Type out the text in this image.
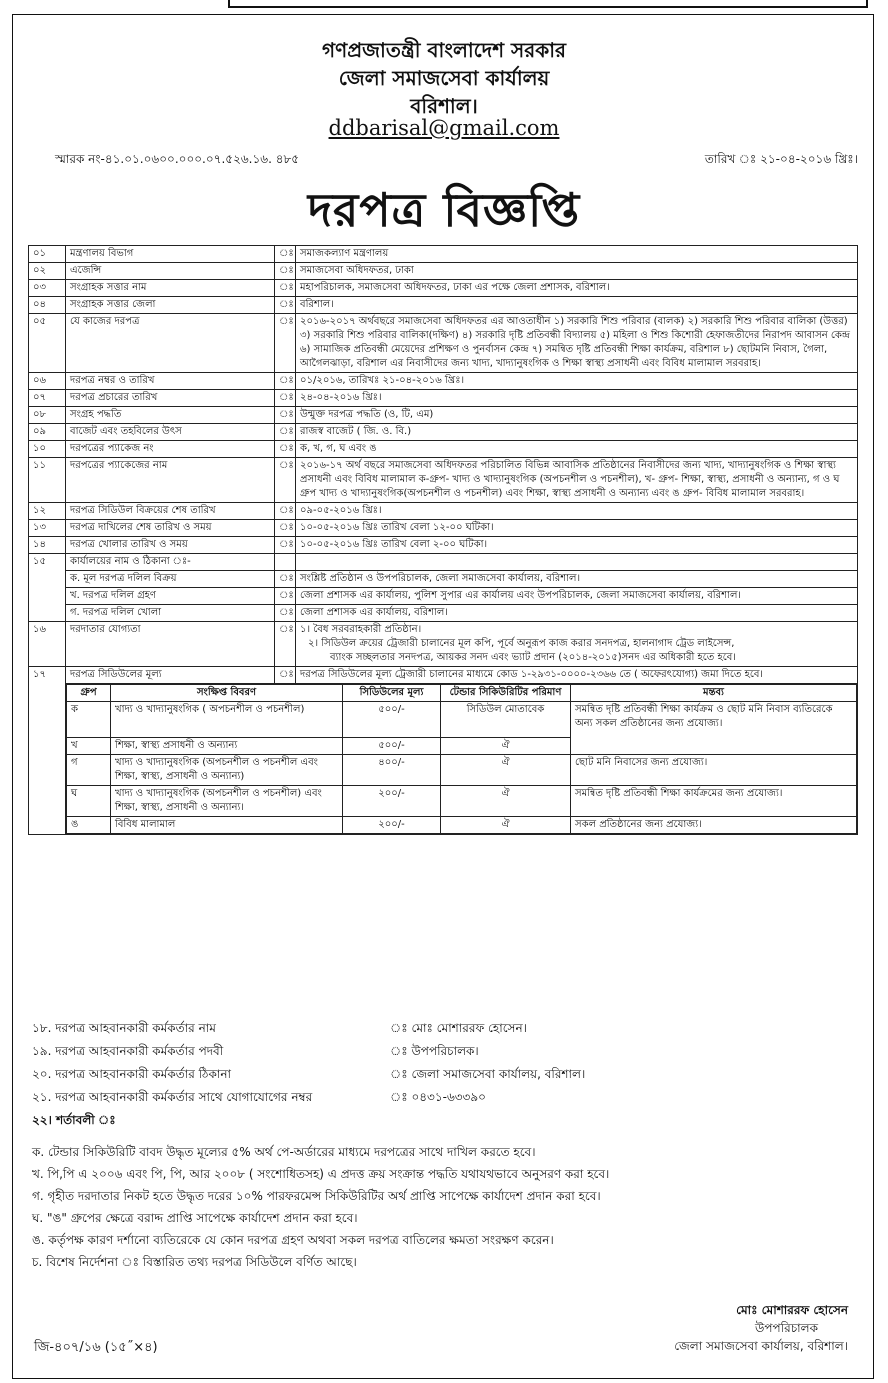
গণপ্রজাতন্ত্রী বাংলাদেশ সরকার
জেলা সমাজসেবা কার্যালয়
বরিশাল।
ddbarisal@gmail.com
স্মারক নং-৪১.০১.০৬০০.০০০.০৭.৫২৬.১৬. ৪৮৫	তারিখ ঃ ২১-০৪-২০১৬ খ্রিঃ।
দরপত্র বিজ্ঞপ্তি
০১	মন্ত্রণালয় বিভাগ	ঃ	সমাজকল্যাণ মন্ত্রণালয়
০২	এজেন্সি	ঃ	সমাজসেবা অধিদফতর, ঢাকা
০৩	সংগ্রাহক সত্তার নাম	ঃ	মহাপরিচালক, সমাজসেবা অধিদফতর, ঢাকা এর পক্ষে জেলা প্রশাসক, বরিশাল।
০৪	সংগ্রাহক সত্তার জেলা	ঃ	বরিশাল।
০৫	যে কাজের দরপত্র	ঃ	২০১৬-২০১৭ অর্থবছরে সমাজসেবা অধিদফতর এর আওতাধীন ১) সরকারি শিশু পরিবার (বালক) ২) সরকারি শিশু পরিবার বালিকা (উত্তর) ৩) সরকারি শিশু পরিবার বালিকা(দক্ষিণ) ৪) সরকারি দৃষ্টি প্রতিবন্ধী বিদ্যালয় ৫) মহিলা ও শিশু কিশোরী হেফাজতীদের নিরাপদ আবাসন কেন্দ্র ৬) সামাজিক প্রতিবন্ধী মেয়েদের প্রশিক্ষণ ও পুনর্বাসন কেন্দ্র ৭) সমন্বিত দৃষ্টি প্রতিবন্ধী শিক্ষা কার্যক্রম, বরিশাল ৮) ছোটমনি নিবাস, গৈলা, আগৈলঝাড়া, বরিশাল এর নিবাসীদের জন্য খাদ্য, খাদ্যানুষংগিক ও শিক্ষা স্বাস্থ্য প্রসাধনী এবং বিবিধ মালামাল সরবরাহ।
০৬	দরপত্র নম্বর ও তারিখ	ঃ	০১/২০১৬, তারিখঃ ২১-০৪-২০১৬ খ্রিঃ।
০৭	দরপত্র প্রচারের তারিখ	ঃ	২৪-০৪-২০১৬ খ্রিঃ।
০৮	সংগ্রহ পদ্ধতি	ঃ	উন্মুক্ত দরপত্র পদ্ধতি (ও, টি, এম)
০৯	বাজেট এবং তহবিলের উৎস	ঃ	রাজস্ব বাজেট ( জি. ও. বি.)
১০	দরপত্রের প্যাকেজ নং	ঃ	ক, খ, গ, ঘ এবং ঙ
১১	দরপত্রের প্যাকেজের নাম	ঃ	২০১৬-১৭ অর্থ বছরে সমাজসেবা অধিদফতর পরিচালিত বিভিন্ন আবাসিক প্রতিষ্ঠানের নিবাসীদের জন্য খাদ্য, খাদ্যানুষংগিক ও শিক্ষা স্বাস্থ্য প্রসাধনী এবং বিবিধ মালামাল ক-গ্রুপ- খাদ্য ও খাদ্যানুষংগিক (অপচনশীল ও পচনশীল), খ- গ্রুপ- শিক্ষা, স্বাস্থ্য, প্রসাধনী ও অন্যান্য, গ ও ঘ গ্রুপ খাদ্য ও খাদ্যানুষংগিক(অপচনশীল ও পচনশীল) এবং শিক্ষা, স্বাস্থ্য প্রসাধনী ও অন্যান্য এবং ঙ গ্রুপ- বিবিধ মালামাল সরবরাহ।
১২	দরপত্র সিডিউল বিক্রয়ের শেষ তারিখ	ঃ	০৯-০৫-২০১৬ খ্রিঃ।
১৩	দরপত্র দাখিলের শেষ তারিখ ও সময়	ঃ	১০-০৫-২০১৬ খ্রিঃ তারিখ বেলা ১২-০০ ঘটিকা।
১৪	দরপত্র খোলার তারিখ ও সময়	ঃ	১০-০৫-২০১৬ খ্রিঃ তারিখ বেলা ২-০০ ঘটিকা।
১৫	কার্যালয়ের নাম ও ঠিকানা ঃ-		
ক. মূল দরপত্র দলিল বিক্রয়	ঃ	সংশ্লিষ্ট প্রতিষ্ঠান ও উপপরিচালক, জেলা সমাজসেবা কার্যালয়, বরিশাল।
খ. দরপত্র দলিল গ্রহণ	ঃ	জেলা প্রশাসক এর কার্যালয়, পুলিশ সুপার এর কার্যালয় এবং উপপরিচালক, জেলা সমাজসেবা কার্যালয়, বরিশাল।
গ. দরপত্র দলিল খোলা	ঃ	জেলা প্রশাসক এর কার্যালয়, বরিশাল।
১৬	দরদাতার যোগ্যতা	ঃ	১। বৈধ সরবরাহকারী প্রতিষ্ঠান।
২। সিডিউল ক্রয়ের ট্রেজারী চালানের মূল কপি, পূর্বে অনুরূপ কাজ করার সনদপত্র, হালনাগাদ ট্রেড লাইসেন্স,
ব্যাংক সচ্ছলতার সনদপত্র, আয়কর সনদ এবং ভ্যাট প্রদান (২০১৪-২০১৫)সনদ এর অধিকারী হতে হবে।

১৭	দরপত্র সিডিউলের মূল্য	ঃ	দরপত্র সিডিউলের মূল্য ট্রেজারী চালানের মাধ্যমে কোড ১-২৯৩১-০০০০-২৩৬৬ তে ( অফেরৎযোগ্য) জমা দিতে হবে।

গ্রুপ	সংক্ষিপ্ত বিবরণ	সিডিউলের মূল্য	টেন্ডার সিকিউরিটির পরিমাণ	মন্তব্য
ক	খাদ্য ও খাদ্যানুষংগিক ( অপচনশীল ও পচনশীল)	৫০০/-	সিডিউল মোতাবেক	সমন্বিত দৃষ্টি প্রতিবন্ধী শিক্ষা কার্যক্রম ও ছোট মনি নিবাস ব্যতিরেকে অন্য সকল প্রতিষ্ঠানের জন্য প্রযোজ্য।
খ	শিক্ষা, স্বাস্থ্য প্রসাধনী ও অন্যান্য	৫০০/-	ঐ
গ	খাদ্য ও খাদ্যানুষংগিক (অপচনশীল ও পচনশীল এবং শিক্ষা, স্বাস্থ্য, প্রসাধনী ও অন্যান্য)	৪০০/-	ঐ	ছোট মনি নিবাসের জন্য প্রযোজ্য।
ঘ	খাদ্য ও খাদ্যানুষংগিক (অপচনশীল ও পচনশীল) এবং শিক্ষা, স্বাস্থ্য, প্রসাধনী ও অন্যান্য।	২০০/-	ঐ	সমন্বিত দৃষ্টি প্রতিবন্ধী শিক্ষা কার্যক্রমের জন্য প্রযোজ্য।
ঙ	বিবিধ মালামাল	২০০/-	ঐ	সকল প্রতিষ্ঠানের জন্য প্রযোজ্য।
১৮. দরপত্র আহবানকারী কর্মকর্তার নাম	ঃ মোঃ মোশাররফ হোসেন।
১৯. দরপত্র আহবানকারী কর্মকর্তার পদবী	ঃ উপপরিচালক।
২০. দরপত্র আহবানকারী কর্মকর্তার ঠিকানা	ঃ জেলা সমাজসেবা কার্যালয়, বরিশাল।
২১. দরপত্র আহবানকারী কর্মকর্তার সাথে যোগাযোগের নম্বর	ঃ ০৪৩১-৬৩৩৯০
২২। শর্তাবলী ঃ
ক. টেন্ডার সিকিউরিটি বাবদ উদ্ধৃত মূল্যের ৫% অর্থ পে-অর্ডারের মাধ্যমে দরপত্রের সাথে দাখিল করতে হবে।
খ. পি,পি এ ২০০৬ এবং পি, পি, আর ২০০৮ ( সংশোধিতসহ) এ প্রদত্ত ক্রয় সংক্রান্ত পদ্ধতি যথাযথভাবে অনুসরণ করা হবে।
গ. গৃহীত দরদাতার নিকট হতে উদ্ধৃত দরের ১০% পারফরমেন্স সিকিউরিটির অর্থ প্রাপ্তি সাপেক্ষে কার্যাদেশ প্রদান করা হবে।
ঘ. "ঙ" গ্রুপের ক্ষেত্রে বরাদ্দ প্রাপ্তি সাপেক্ষে কার্যাদেশ প্রদান করা হবে।
ঙ. কর্তৃপক্ষ কারণ দর্শানো ব্যতিরেকে যে কোন দরপত্র গ্রহণ অথবা সকল দরপত্র বাতিলের ক্ষমতা সংরক্ষণ করেন।
চ. বিশেষ নির্দেশনা ঃ বিস্তারিত তথ্য দরপত্র সিডিউলে বর্ণিত আছে।
মোঃ মোশাররফ হোসেন
উপপরিচালক
জেলা সমাজসেবা কার্যালয়, বরিশাল।
জি-৪০৭/১৬ (১৫˝×৪)
